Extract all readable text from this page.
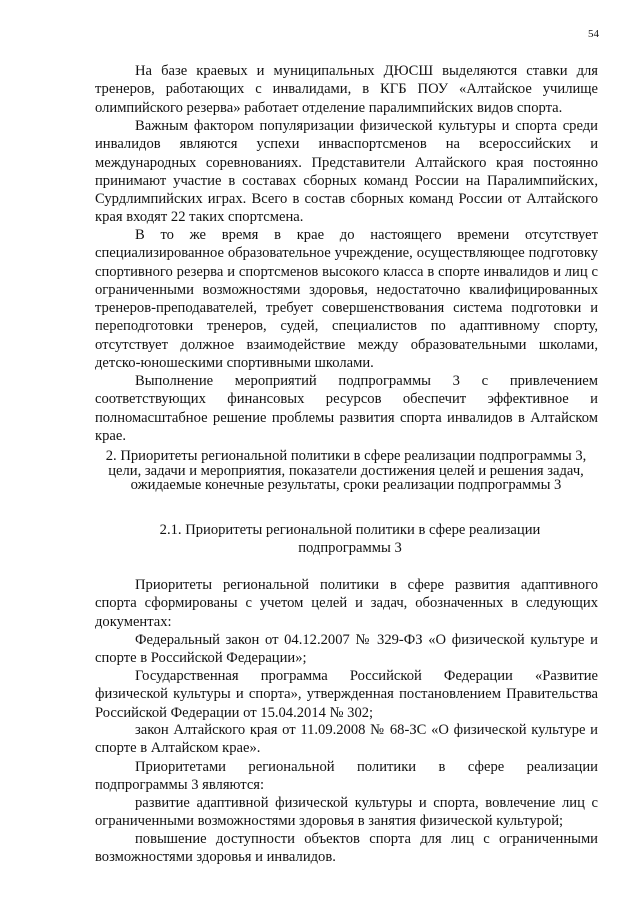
54

На базе краевых и муниципальных ДЮСШ выделяются ставки для тренеров, работающих с инвалидами, в КГБ ПОУ «Алтайское училище олимпийского резерва» работает отделение паралимпийских видов спорта.

Важным фактором популяризации физической культуры и спорта среди инвалидов являются успехи инваспортсменов на всероссийских и международных соревнованиях. Представители Алтайского края постоянно принимают участие в составах сборных команд России на Паралимпийских, Сурдлимпийских играх. Всего в состав сборных команд России от Алтайского края входят 22 таких спортсмена.

В то же время в крае до настоящего времени отсутствует специализированное образовательное учреждение, осуществляющее подготовку спортивного резерва и спортсменов высокого класса в спорте инвалидов и лиц с ограниченными возможностями здоровья, недостаточно квалифицированных тренеров-преподавателей, требует совершенствования система подготовки и переподготовки тренеров, судей, специалистов по адаптивному спорту, отсутствует должное взаимодействие между образовательными школами, детско-юношескими спортивными школами.

Выполнение мероприятий подпрограммы 3 с привлечением соответствующих финансовых ресурсов обеспечит эффективное и полномасштабное решение проблемы развития спорта инвалидов в Алтайском крае.

2. Приоритеты региональной политики в сфере реализации подпрограммы 3, цели, задачи и мероприятия, показатели достижения целей и решения задач, ожидаемые конечные результаты, сроки реализации подпрограммы 3

2.1. Приоритеты региональной политики в сфере реализации подпрограммы 3

Приоритеты региональной политики в сфере развития адаптивного спорта сформированы с учетом целей и задач, обозначенных в следующих документах:

Федеральный закон от 04.12.2007 № 329-ФЗ «О физической культуре и спорте в Российской Федерации»;

Государственная программа Российской Федерации «Развитие физической культуры и спорта», утвержденная постановлением Правительства Российской Федерации от 15.04.2014 № 302;

закон Алтайского края от 11.09.2008 № 68-ЗС «О физической культуре и спорте в Алтайском крае».

Приоритетами региональной политики в сфере реализации подпрограммы 3 являются:

развитие адаптивной физической культуры и спорта, вовлечение лиц с ограниченными возможностями здоровья в занятия физической культурой;

повышение доступности объектов спорта для лиц с ограниченными возможностями здоровья и инвалидов.
